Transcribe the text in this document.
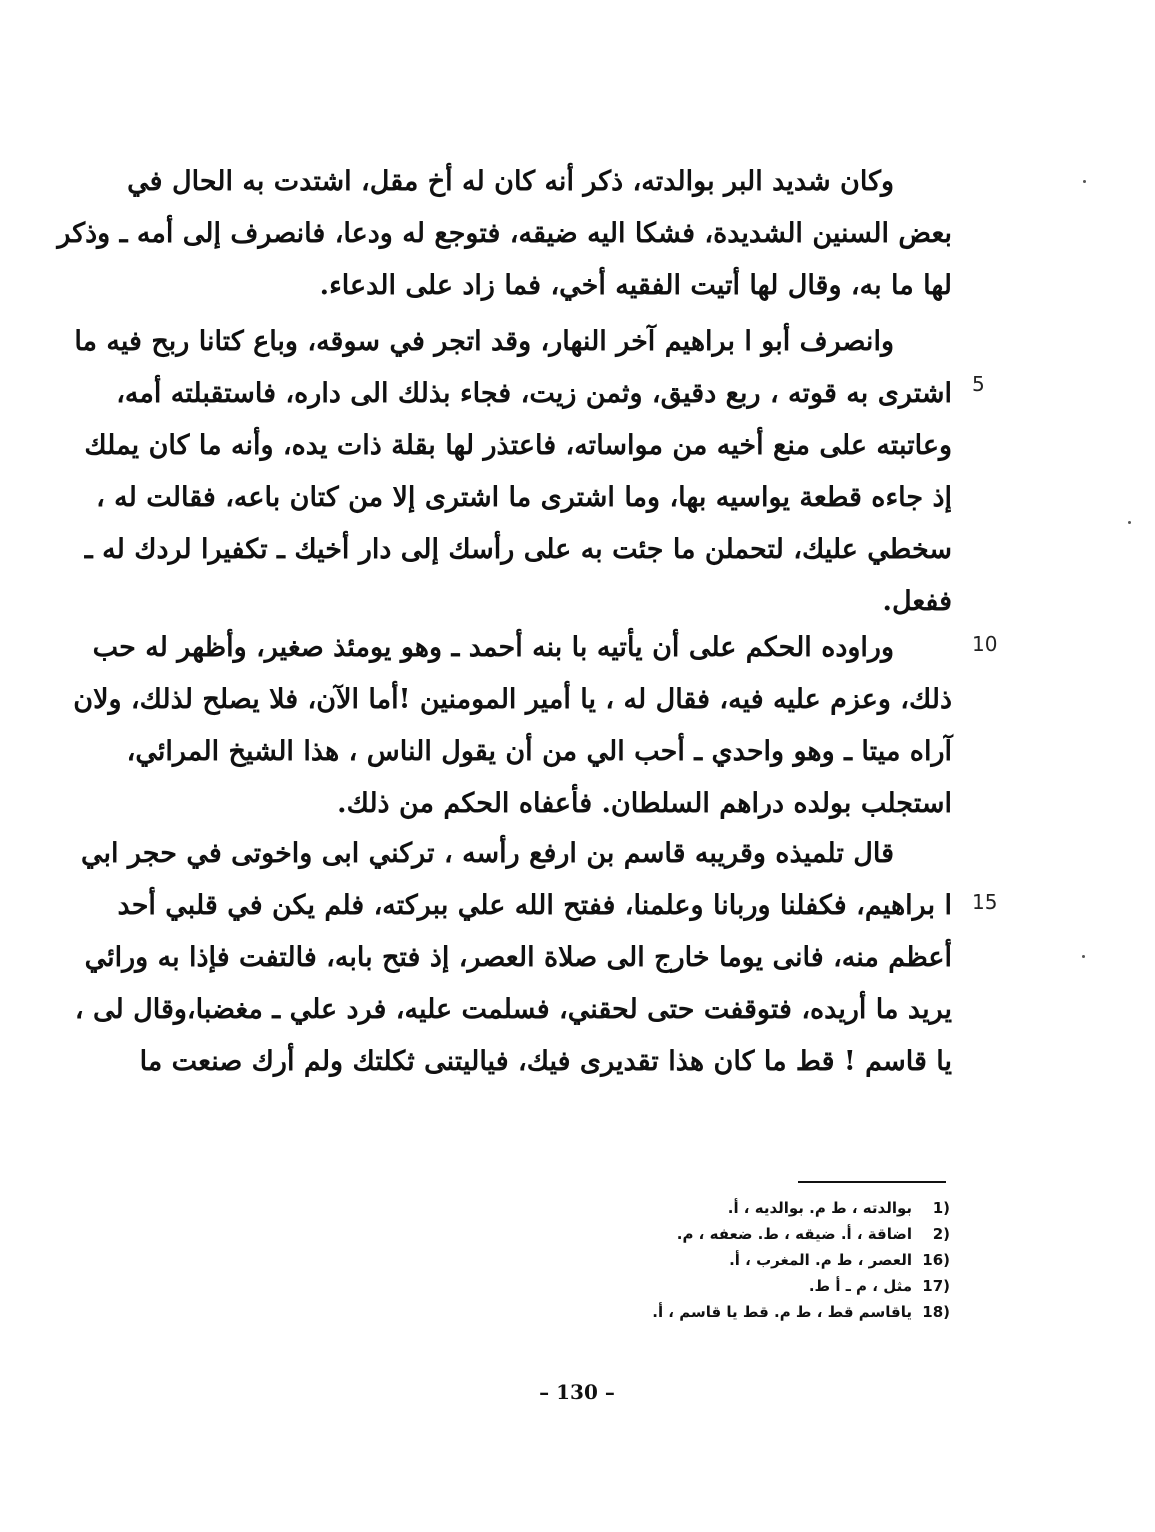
وكان شديد البر بوالدته، ذكر أنه كان له أخ مقل، اشتدت به الحال في
بعض السنين الشديدة، فشكا اليه ضيقه، فتوجع له ودعا، فانصرف إلى أمه ـ وذكر
لها ما به، وقال لها أتيت الفقيه أخي، فما زاد على الدعاء.
وانصرف أبو ا براهيم آخر النهار، وقد اتجر في سوقه، وباع كتانا ربح فيه ما
اشترى به قوته ، ربع دقيق، وثمن زيت، فجاء بذلك الى داره، فاستقبلته أمه،
وعاتبته على منع أخيه من مواساته، فاعتذر لها بقلة ذات يده، وأنه ما كان يملك
إذ جاءه قطعة يواسيه بها، وما اشترى ما اشترى إلا من كتان باعه، فقالت له ،
سخطي عليك، لتحملن ما جئت به على رأسك إلى دار أخيك ـ تكفيرا لردك له ـ
ففعل.
وراوده الحكم على أن يأتيه با بنه أحمد ـ وهو يومئذ صغير، وأظهر له حب
ذلك، وعزم عليه فيه، فقال له ، يا أمير المومنين !أما الآن، فلا يصلح لذلك، ولان
آراه ميتا ـ وهو واحدي ـ أحب الي من أن يقول الناس ، هذا الشيخ المرائي،
استجلب بولده دراهم السلطان. فأعفاه الحكم من ذلك.
قال تلميذه وقريبه قاسم بن ارفع رأسه ، تركني ابى واخوتى في حجر ابي
ا براهيم، فكفلنا وربانا وعلمنا، ففتح الله علي ببركته، فلم يكن في قلبي أحد
أعظم منه، فانى يوما خارج الى صلاة العصر، إذ فتح بابه، فالتفت فإذا به ورائي
يريد ما أريده، فتوقفت حتى لحقني، فسلمت عليه، فرد علي ـ مغضبا،وقال لى ،
يا قاسم ! قط ما كان هذا تقديرى فيك، فياليتنى ثكلتك ولم أرك صنعت ما
5
10
15
1)بوالدته ، ط م. بوالديه ، أ.
2)اضاقة ، أ. ضيقه ، ط. ضعفه ، م.
16)العصر ، ط م. المغرب ، أ.
17)مثل ، م ـ أ ط.
18)ياقاسم قط ، ط م. قط يا قاسم ، أ.
– 130 –
